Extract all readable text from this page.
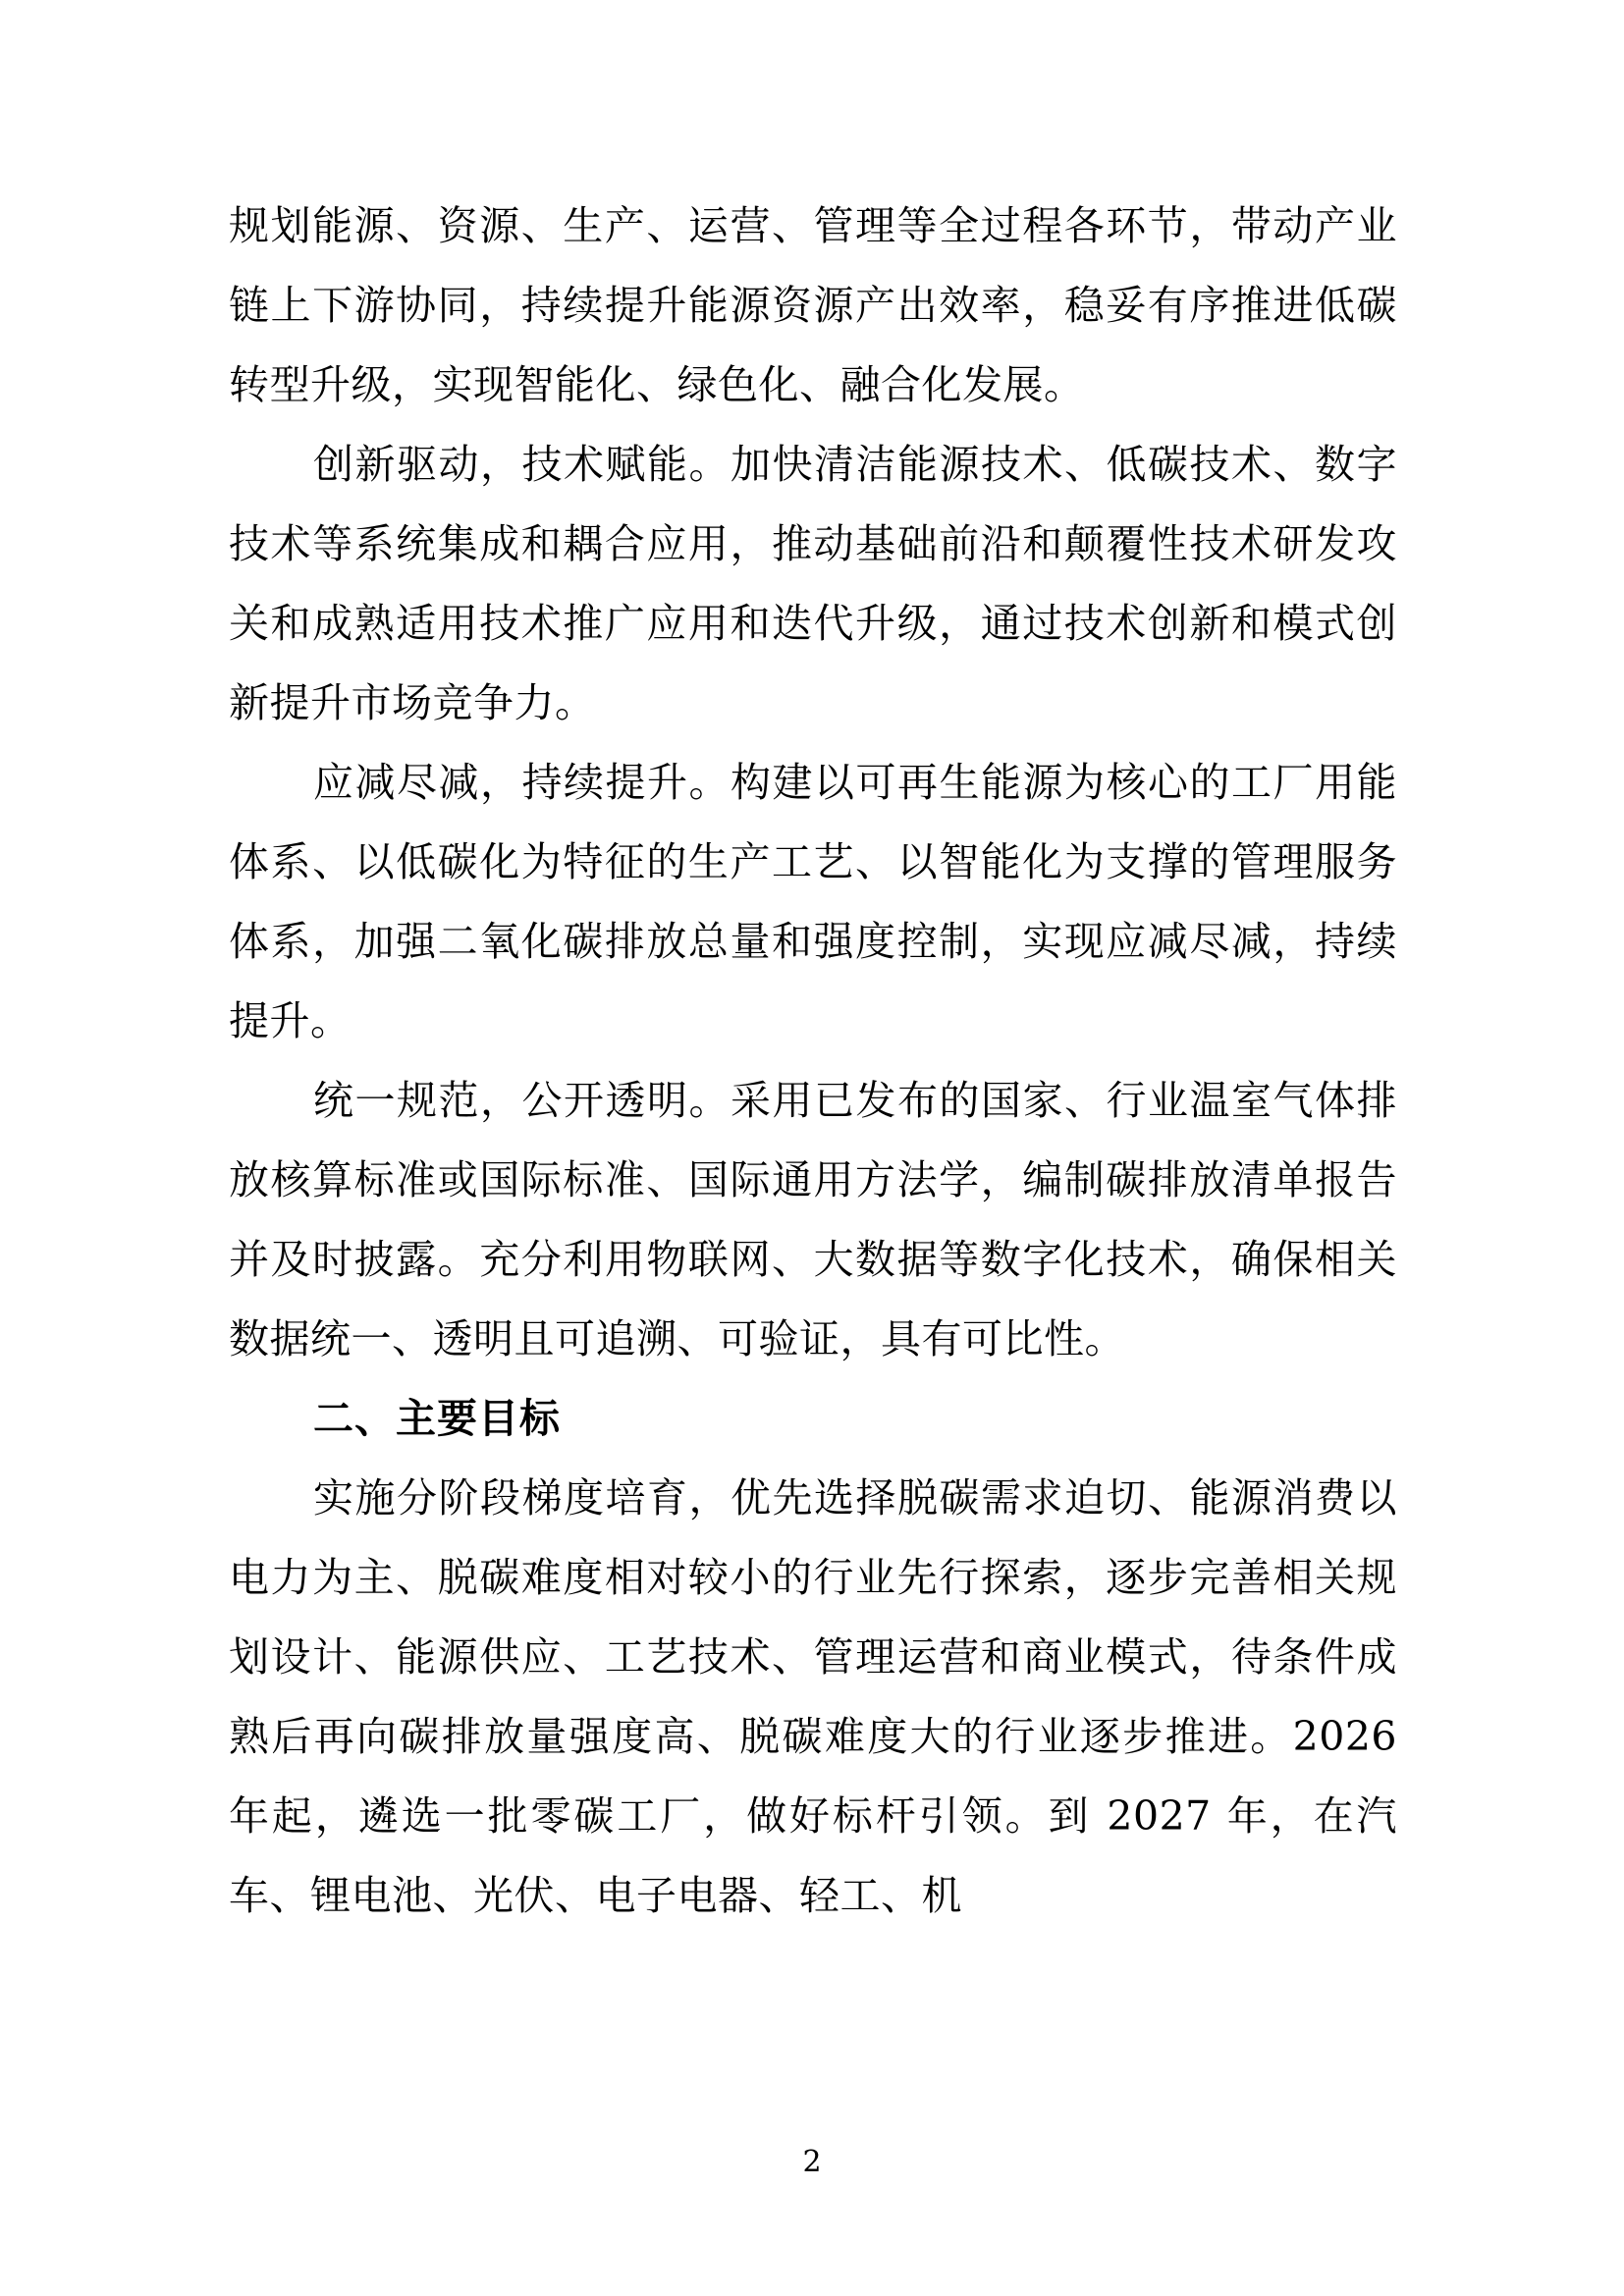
规划能源、资源、生产、运营、管理等全过程各环节，带动产业链上下游协同，持续提升能源资源产出效率，稳妥有序推进低碳转型升级，实现智能化、绿色化、融合化发展。

创新驱动，技术赋能。加快清洁能源技术、低碳技术、数字技术等系统集成和耦合应用，推动基础前沿和颠覆性技术研发攻关和成熟适用技术推广应用和迭代升级，通过技术创新和模式创新提升市场竞争力。

应减尽减，持续提升。构建以可再生能源为核心的工厂用能体系、以低碳化为特征的生产工艺、以智能化为支撑的管理服务体系，加强二氧化碳排放总量和强度控制，实现应减尽减，持续提升。

统一规范，公开透明。采用已发布的国家、行业温室气体排放核算标准或国际标准、国际通用方法学，编制碳排放清单报告并及时披露。充分利用物联网、大数据等数字化技术，确保相关数据统一、透明且可追溯、可验证，具有可比性。

二、主要目标

实施分阶段梯度培育，优先选择脱碳需求迫切、能源消费以电力为主、脱碳难度相对较小的行业先行探索，逐步完善相关规划设计、能源供应、工艺技术、管理运营和商业模式，待条件成熟后再向碳排放量强度高、脱碳难度大的行业逐步推进。2026 年起，遴选一批零碳工厂，做好标杆引领。到 2027 年，在汽车、锂电池、光伏、电子电器、轻工、机

2
